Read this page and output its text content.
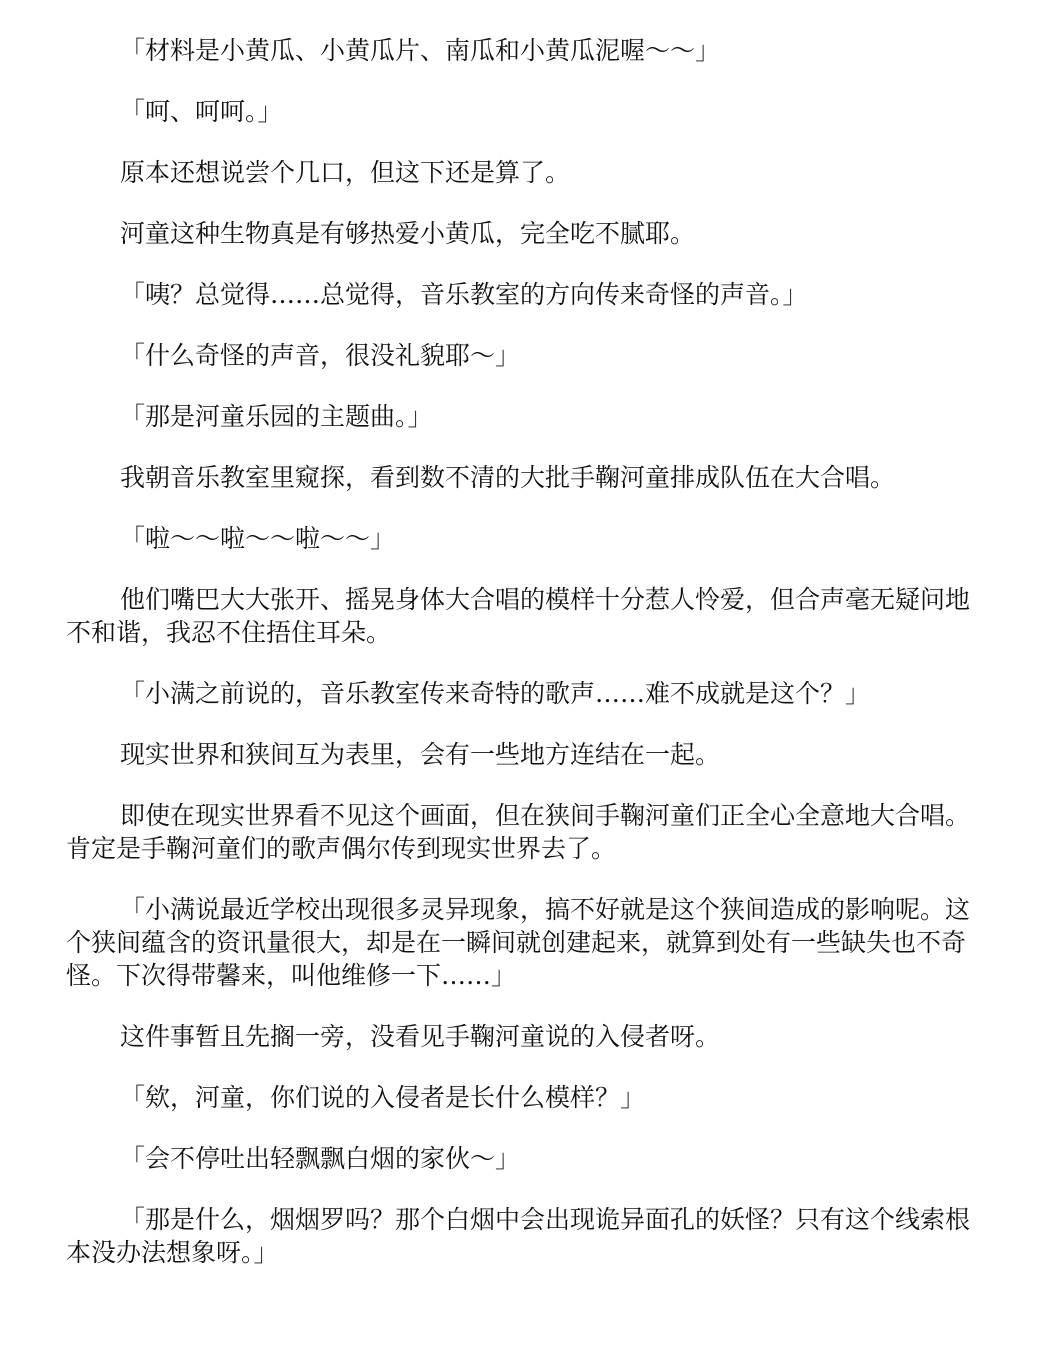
「材料是小黄瓜、小黄瓜片、南瓜和小黄瓜泥喔～～」

「呵、呵呵。」

原本还想说尝个几口，但这下还是算了。

河童这种生物真是有够热爱小黄瓜，完全吃不腻耶。

「咦？总觉得……总觉得，音乐教室的方向传来奇怪的声音。」

「什么奇怪的声音，很没礼貌耶～」

「那是河童乐园的主题曲。」

我朝音乐教室里窥探，看到数不清的大批手鞠河童排成队伍在大合唱。

「啦～～啦～～啦～～」

他们嘴巴大大张开、摇晃身体大合唱的模样十分惹人怜爱，但合声毫无疑问地不和谐，我忍不住捂住耳朵。

「小满之前说的，音乐教室传来奇特的歌声……难不成就是这个？」

现实世界和狭间互为表里，会有一些地方连结在一起。

即使在现实世界看不见这个画面，但在狭间手鞠河童们正全心全意地大合唱。肯定是手鞠河童们的歌声偶尔传到现实世界去了。

「小满说最近学校出现很多灵异现象，搞不好就是这个狭间造成的影响呢。这个狭间蕴含的资讯量很大，却是在一瞬间就创建起来，就算到处有一些缺失也不奇怪。下次得带馨来，叫他维修一下……」

这件事暂且先搁一旁，没看见手鞠河童说的入侵者呀。

「欸，河童，你们说的入侵者是长什么模样？」

「会不停吐出轻飘飘白烟的家伙～」

「那是什么，烟烟罗吗？那个白烟中会出现诡异面孔的妖怪？只有这个线索根本没办法想象呀。」
